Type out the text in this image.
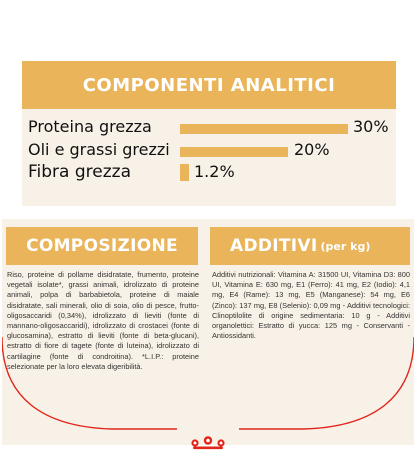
COMPONENTI ANALITICI
Proteina grezza	30%
Oli e grassi grezzi	20%
Fibra grezza	1.2%
COMPOSIZIONE

Riso, proteine di pollame disidratate, frumento, proteine vegetali isolate*, grassi animali, idrolizzato di proteine animali, polpa di barbabietola, proteine di maiale disidratate, sali minerali, olio di soia, olio di pesce, frutto-oligosaccaridi (0,34%), idrolizzato di lieviti (fonte di mannano-oligosaccaridi), idrolizzato di crostacei (fonte di glucosamina), estratto di lieviti (fonte di beta-glucani), estratto di fiore di tagete (fonte di luteina), idrolizzato di cartilagine (fonte di condroitina). *L.I.P.: proteine selezionate per la loro elevata digeribilità.

ADDITIVI (per kg)

Additivi nutrizionali: Vitamina A: 31500 UI, Vitamina D3: 800 UI, Vitamina E: 630 mg, E1 (Ferro): 41 mg, E2 (Iodio): 4,1 mg, E4 (Rame): 13 mg, E5 (Manganese): 54 mg, E6 (Zinco): 137 mg, E8 (Selenio): 0,09 mg - Additivi tecnologici: Clinoptilolite di origine sedimentaria: 10 g - Additivi organolettici: Estratto di yucca: 125 mg - Conservanti - Antiossidanti.
